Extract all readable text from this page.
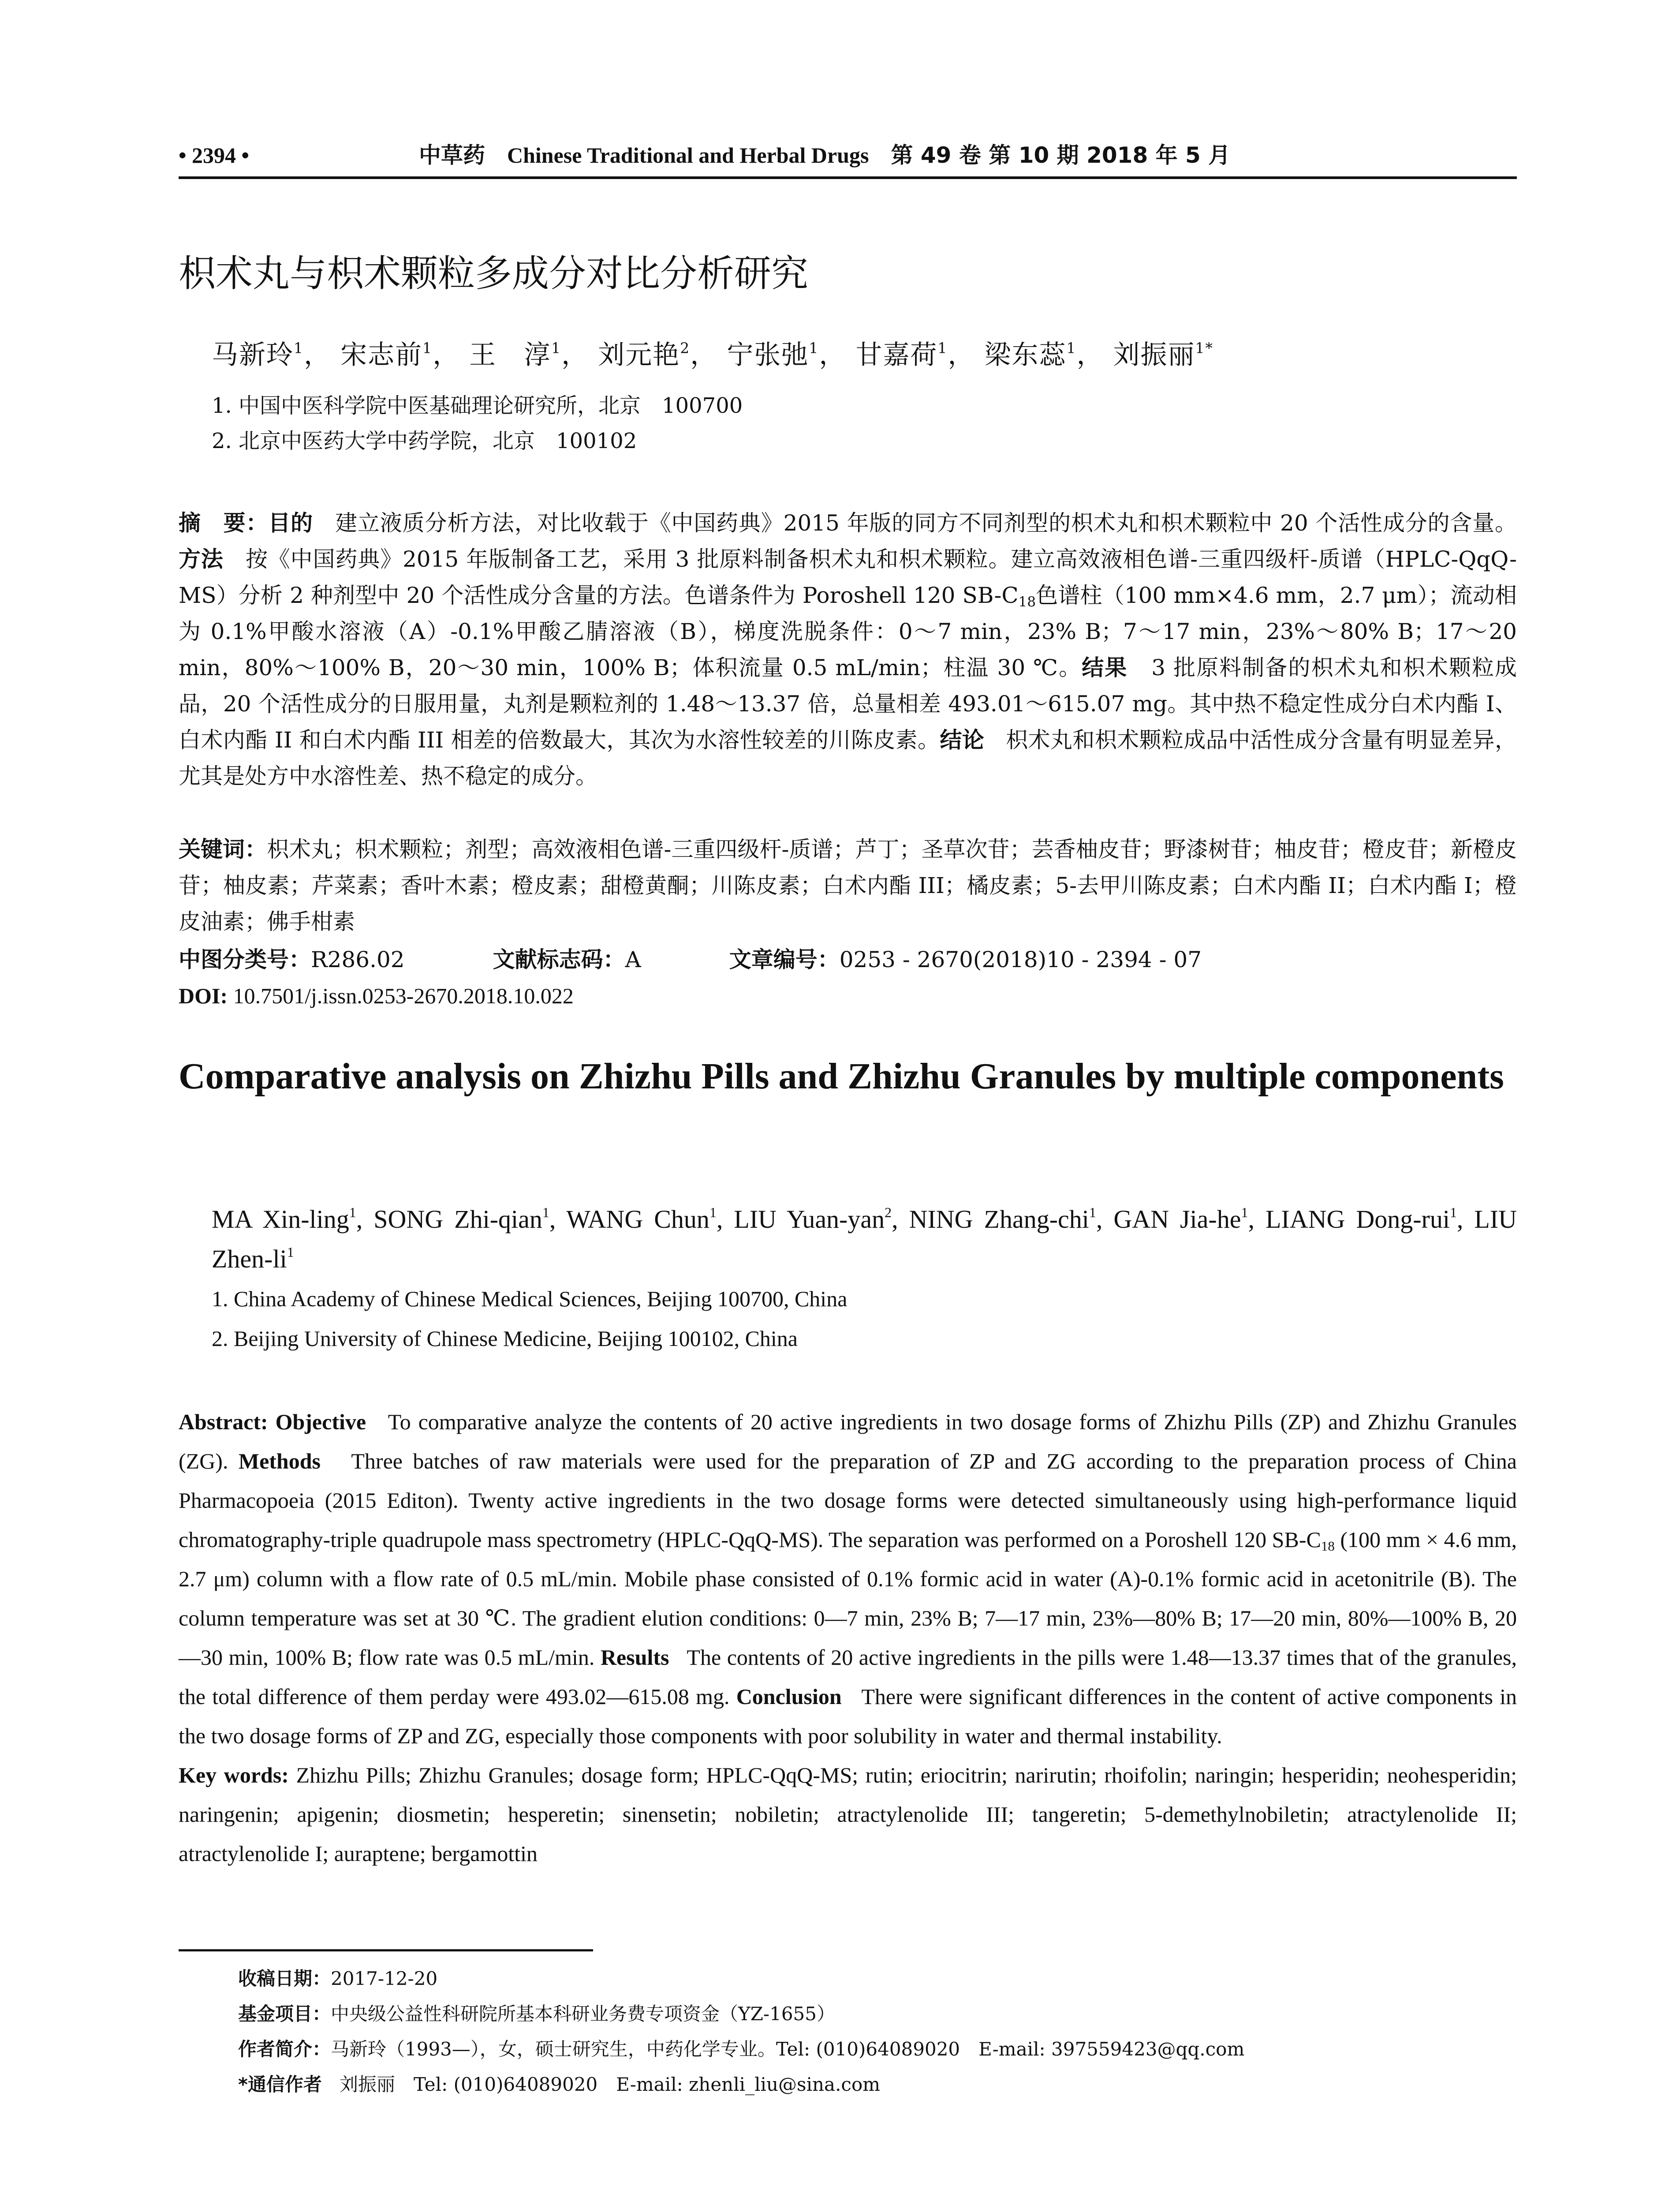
• 2394 •	中草药 Chinese Traditional and Herbal Drugs 第 49 卷 第 10 期 2018 年 5 月
枳术丸与枳术颗粒多成分对比分析研究
马新玲$^1$， 宋志前$^1$， 王　淳$^1$， 刘元艳$^2$， 宁张弛$^1$， 甘嘉荷$^1$， 梁东蕊$^1$， 刘振丽$^{1*}$
1. 中国中医科学院中医基础理论研究所，北京　100700
2. 北京中医药大学中药学院，北京　100102
摘　要：目的 建立液质分析方法，对比收载于《中国药典》2015 年版的同方不同剂型的枳术丸和枳术颗粒中 20 个活性成分的含量。方法 按《中国药典》2015 年版制备工艺，采用 3 批原料制备枳术丸和枳术颗粒。建立高效液相色谱-三重四级杆-质谱（HPLC-QqQ-MS）分析 2 种剂型中 20 个活性成分含量的方法。色谱条件为 Poroshell 120 $SB-C_{18}$色谱柱（100 mm×4.6 mm，2.7 μm）；流动相为 0.1%甲酸水溶液（A）-0.1%甲酸乙腈溶液（B），梯度洗脱条件：0～7 min，23% B；7～17 min，23%～80% B；17～20 min，80%～100% B，20～30 min，100% B；体积流量 0.5 mL/min；柱温 30 ℃。结果 3 批原料制备的枳术丸和枳术颗粒成品，20 个活性成分的日服用量，丸剂是颗粒剂的 1.48～13.37 倍，总量相差 493.01～615.07 mg。其中热不稳定性成分白术内酯 I、白术内酯 II 和白术内酯 III 相差的倍数最大，其次为水溶性较差的川陈皮素。结论 枳术丸和枳术颗粒成品中活性成分含量有明显差异，尤其是处方中水溶性差、热不稳定的成分。
关键词：枳术丸；枳术颗粒；剂型；高效液相色谱-三重四级杆-质谱；芦丁；圣草次苷；芸香柚皮苷；野漆树苷；柚皮苷；橙皮苷；新橙皮苷；柚皮素；芹菜素；香叶木素；橙皮素；甜橙黄酮；川陈皮素；白术内酯 III；橘皮素；5-去甲川陈皮素；白术内酯 II；白术内酯 I；橙皮油素；佛手柑素
中图分类号：R286.02	文献标志码：A	文章编号：0253 - 2670(2018)10 - 2394 - 07
DOI: 10.7501/j.issn.0253-2670.2018.10.022
Comparative analysis on Zhizhu Pills and Zhizhu Granules by multiple components
MA Xin-ling$^1$, SONG Zhi-qian$^1$, WANG Chun$^1$, LIU Yuan-yan$^2$, NING Zhang-chi$^1$, GAN Jia-$he^1$, LIANG Dong-rui$^1$, LIU Zhen-$li^1$
1. China Academy of Chinese Medical Sciences, Beijing 100700, China
2. Beijing University of Chinese Medicine, Beijing 100102, China
Abstract: Objective To comparative analyze the contents of 20 active ingredients in two dosage forms of Zhizhu Pills (ZP) and Zhizhu Granules (ZG). Methods Three batches of raw materials were used for the preparation of ZP and ZG according to the preparation process of China Pharmacopoeia (2015 Editon). Twenty active ingredients in the two dosage forms were detected simultaneously using high-performance liquid chromatography-triple quadrupole mass spectrometry (HPLC-QqQ-MS). The separation was performed on a Poroshell 120 $SB-C_{18}$ (100 mm × 4.6 mm, 2.7 μm) column with a flow rate of 0.5 mL/min. Mobile phase consisted of 0.1% formic acid in water (A)-0.1% formic acid in acetonitrile (B). The column temperature was set at 30 ℃. The gradient elution conditions: 0—7 min, 23% B; 7—17 min, 23%—80% B; 17—20 min, 80%—100% B, 20—30 min, 100% B; flow rate was 0.5 mL/min. Results The contents of 20 active ingredients in the pills were 1.48—13.37 times that of the granules, the total difference of them perday were 493.02—615.08 mg. Conclusion There were significant differences in the content of active components in the two dosage forms of ZP and ZG, especially those components with poor solubility in water and thermal instability.
Key words: Zhizhu Pills; Zhizhu Granules; dosage form; HPLC-QqQ-MS; rutin; eriocitrin; narirutin; rhoifolin; naringin; hesperidin; neohesperidin; naringenin; apigenin; diosmetin; hesperetin; sinensetin; nobiletin; atractylenolide III; tangeretin; 5-demethylnobiletin; atractylenolide II; atractylenolide I; auraptene; bergamottin
收稿日期：2017-12-20
基金项目：中央级公益性科研院所基本科研业务费专项资金（YZ-1655）
作者简介：马新玲（1993—），女，硕士研究生，中药化学专业。Tel: (010)64089020　E-mail: 397559423@qq.com
*通信作者 刘振丽　Tel: (010)64089020　E-mail: zhenli_liu@sina.com
